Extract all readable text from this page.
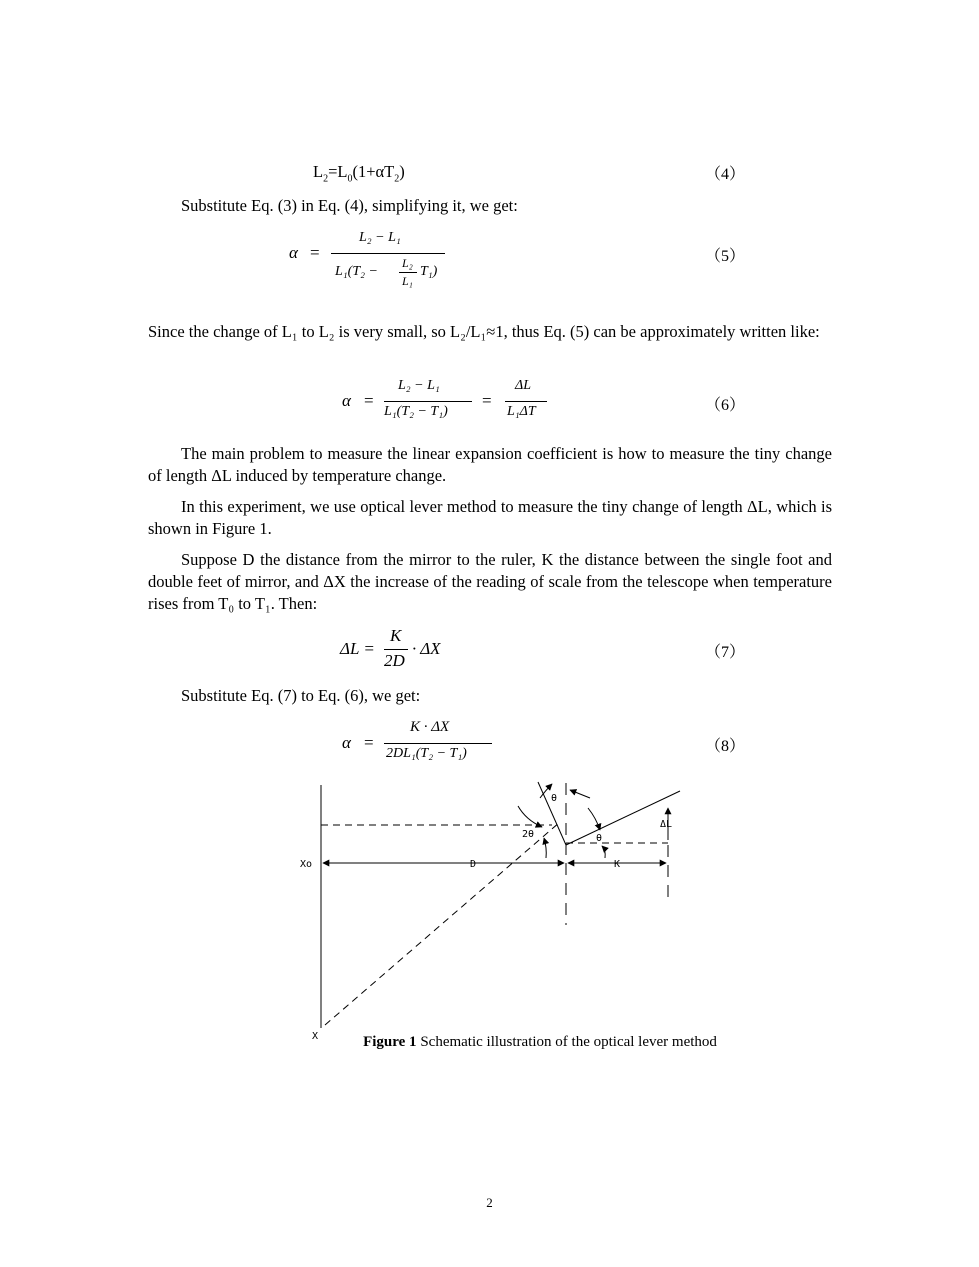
$L_2=L_0(1+\alpha T_2)$	（4）
Substitute Eq. (3) in Eq. (4), simplifying it, we get:
α =
L₂ − L₁
L₁(T₂ −
L₂
L₁
T₁)
（5）
Since the change of L₁ to L₂ is very small, so L₂/L₁≈1, thus Eq. (5) can be approximately written like:
α =
L₂ − L₁
L₁(T₂ − T₁)
=
ΔL
L₁ΔT	（6）
The main problem to measure the linear expansion coefficient is how to measure the tiny change of length ΔL induced by temperature change.
In this experiment, we use optical lever method to measure the tiny change of length ΔL, which is shown in Figure 1.
Suppose D the distance from the mirror to the ruler, K the distance between the single foot and double feet of mirror, and ΔX the increase of the reading of scale from the telescope when temperature rises from T₀ to T₁. Then:
ΔL =
K
2D
· ΔX	（7）
Substitute Eq. (7) to Eq. (6), we get:
α =
K · ΔX
2DL₁(T₂ − T₁)	（8）
θ
2θ	θ
ΔL
Xo	D	K
X	Figure 1 Schematic illustration of the optical lever method
2
